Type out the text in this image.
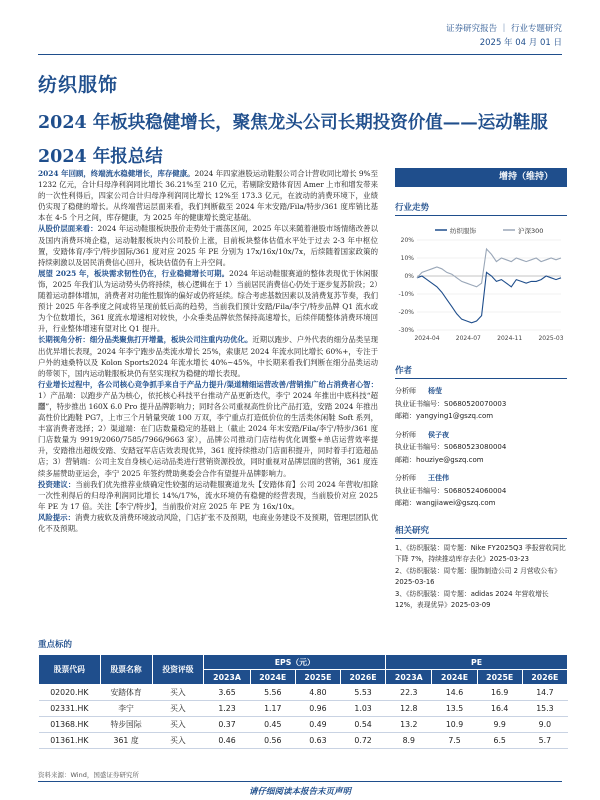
证券研究报告 ｜ 行业专题研究
2025 年 04 月 01 日
纺织服饰
2024 年板块稳健增长，聚焦龙头公司长期投资价值——运动鞋服 2024 年报总结

2024 年回顾，终端流水稳健增长，库存健康。2024 年四家港股运动鞋服公司合计营收同比增长 9%至 1232 亿元，合计归母净利润同比增长 36.21%至 210 亿元，若剔除安踏体育因 Amer 上市和增发带来的一次性利得后，四家公司合计归母净利润同比增长 12%至 173.3 亿元，在波动的消费环境下，业绩仍实现了稳健的增长。从终端营运层面来看，我们判断截至 2024 年末安踏/Fila/特步/361 度库销比基本在 4-5 个月之间，库存健康，为 2025 年的健康增长奠定基础。

从股价层面来看：2024 年运动鞋服板块股价走势处于震荡区间，2025 年以来随着港股市场情绪改善以及国内消费环境企稳，运动鞋服板块内公司股价上涨，目前板块整体估值水平处于过去 2-3 年中枢位置，安踏体育/李宁/特步国际/361 度对应 2025 年 PE 分别为 17x/16x/10x/7x，后续随着国家政策的持续刺激以及居民消费信心回升，板块估值仍有上升空间。

展望 2025 年，板块需求韧性仍在，行业稳健增长可期。2024 年运动鞋服赛道的整体表现优于休闲服饰，2025 年我们认为运动势头仍将持续，核心逻辑在于 1）当前居民消费信心仍处于逐步复苏阶段；2）随着运动群体增加，消费者对功能性服饰的偏好或仍将延续。综合考虑基数因素以及消费复苏节奏，我们预计 2025 年各季度之间或将呈现前低后高的趋势，当前我们预计安踏/Fila/李宁/特步品牌 Q1 流水或为个位数增长，361 度流水增速相对较快，小众垂类品牌依然保持高速增长，后续伴随整体消费环境回升，行业整体增速有望对比 Q1 提升。

长期视角分析：细分品类聚焦打开增量，板块公司注重内功优化。近期以跑步、户外代表的细分品类呈现出优异增长表现，2024 年李宁跑步品类流水增长 25%，索康尼 2024 年流水同比增长 60%+，专注于户外的迪桑特以及 Kolon Sports2024 年流水增长 40%~45%，中长期来看我们判断在细分品类运动的带领下，国内运动鞋服板块仍有坚实现权为稳健的增长表现。

行业增长过程中，各公司核心竞争抓手来自于产品力提升/渠道精细运营改善/营销推广给占消费者心智：1）产品端：以跑步产品为核心，依托核心科技平台推动产品更新迭代，李宁 2024 年推出中底科技“超䨻”，特步推出 160X 6.0 Pro 提升品牌影响力；同时各公司重视高性价比产品打造，安踏 2024 年推出高性价比跑鞋 PG7，上市三个月销量突破 100 万双，李宁重点打造低价位的生活类休闲鞋 Soft 系列，丰富消费者选择；2）渠道端：在门店数量稳定的基础上（截止 2024 年末安踏/Fila/李宁/特步/361 度门店数量为 9919/2060/7585/7966/9663 家），品牌公司推动门店结构优化调整+单店运营效率提升，安踏推出超级安踏、安踏冠军店店效表现优异，361 度持续推动门店面积提升，同时着手打造超品店；3）营销端：公司主发自身核心运动品类进行营销资源投放，同时重视对品牌层面的营销，361 度连续多届赞助亚运会，李宁 2025 年签约赞助奥委会合作有望提升品牌影响力。

投资建议：当前我们优先推荐业绩确定性较强的运动鞋服赛道龙头【安踏体育】公司 2024 年营收/扣除一次性利得后的归母净利润同比增长 14%/17%，流水环境仍有稳健的经营表现，当前股价对应 2025 年 PE 为 17 倍。关注【李宁/特步】，当前股价对应 2025 年 PE 为 16x/10x。

风险提示：消费力疲软及消费环境波动风险，门店扩张不及预期，电商业务建设不及预期，管理层团队优化不及预期。

增持（维持）
行业走势
20%
10%
0%
-10%
-20%
-30%
2024-04	2024-07	2024-11	2025-03
纺织服饰	沪深300
作者
分析师 杨莹
执业证书编号：S0680520070003
邮箱：yangying1@gszq.com
分析师 侯子夜
执业证书编号：S0680523080004
邮箱：houziye@gszq.com
分析师 王佳伟
执业证书编号：S0680524060004
邮箱：wangjiawei@gszq.com
相关研究
1、《纺织服装：周专题：Nike FY2025Q3 季报营收同比下降 7%，持续推动库存去化》2025-03-23
2、《纺织服装：周专题：服饰制造公司 2 月营收公布》2025-03-16
3、《纺织服装：周专题：adidas 2024 年营收增长 12%，表现优异》2025-03-09
重点标的
股票代码	股票名称	投资评级	EPS（元）				PE			
			2023A	2024E	2025E	2026E	2023A	2024E	2025E	2026E
02020.HK	安踏体育	买入	3.65	5.56	4.80	5.53	22.3	14.6	16.9	14.7
02331.HK	李宁	买入	1.23	1.17	0.96	1.03	12.8	13.5	16.4	15.3
01368.HK	特步国际	买入	0.37	0.45	0.49	0.54	13.2	10.9	9.9	9.0
01361.HK	361 度	买入	0.46	0.56	0.63	0.72	8.9	7.5	6.5	5.7
资料来源：Wind，国盛证券研究所
请仔细阅读本报告末页声明
